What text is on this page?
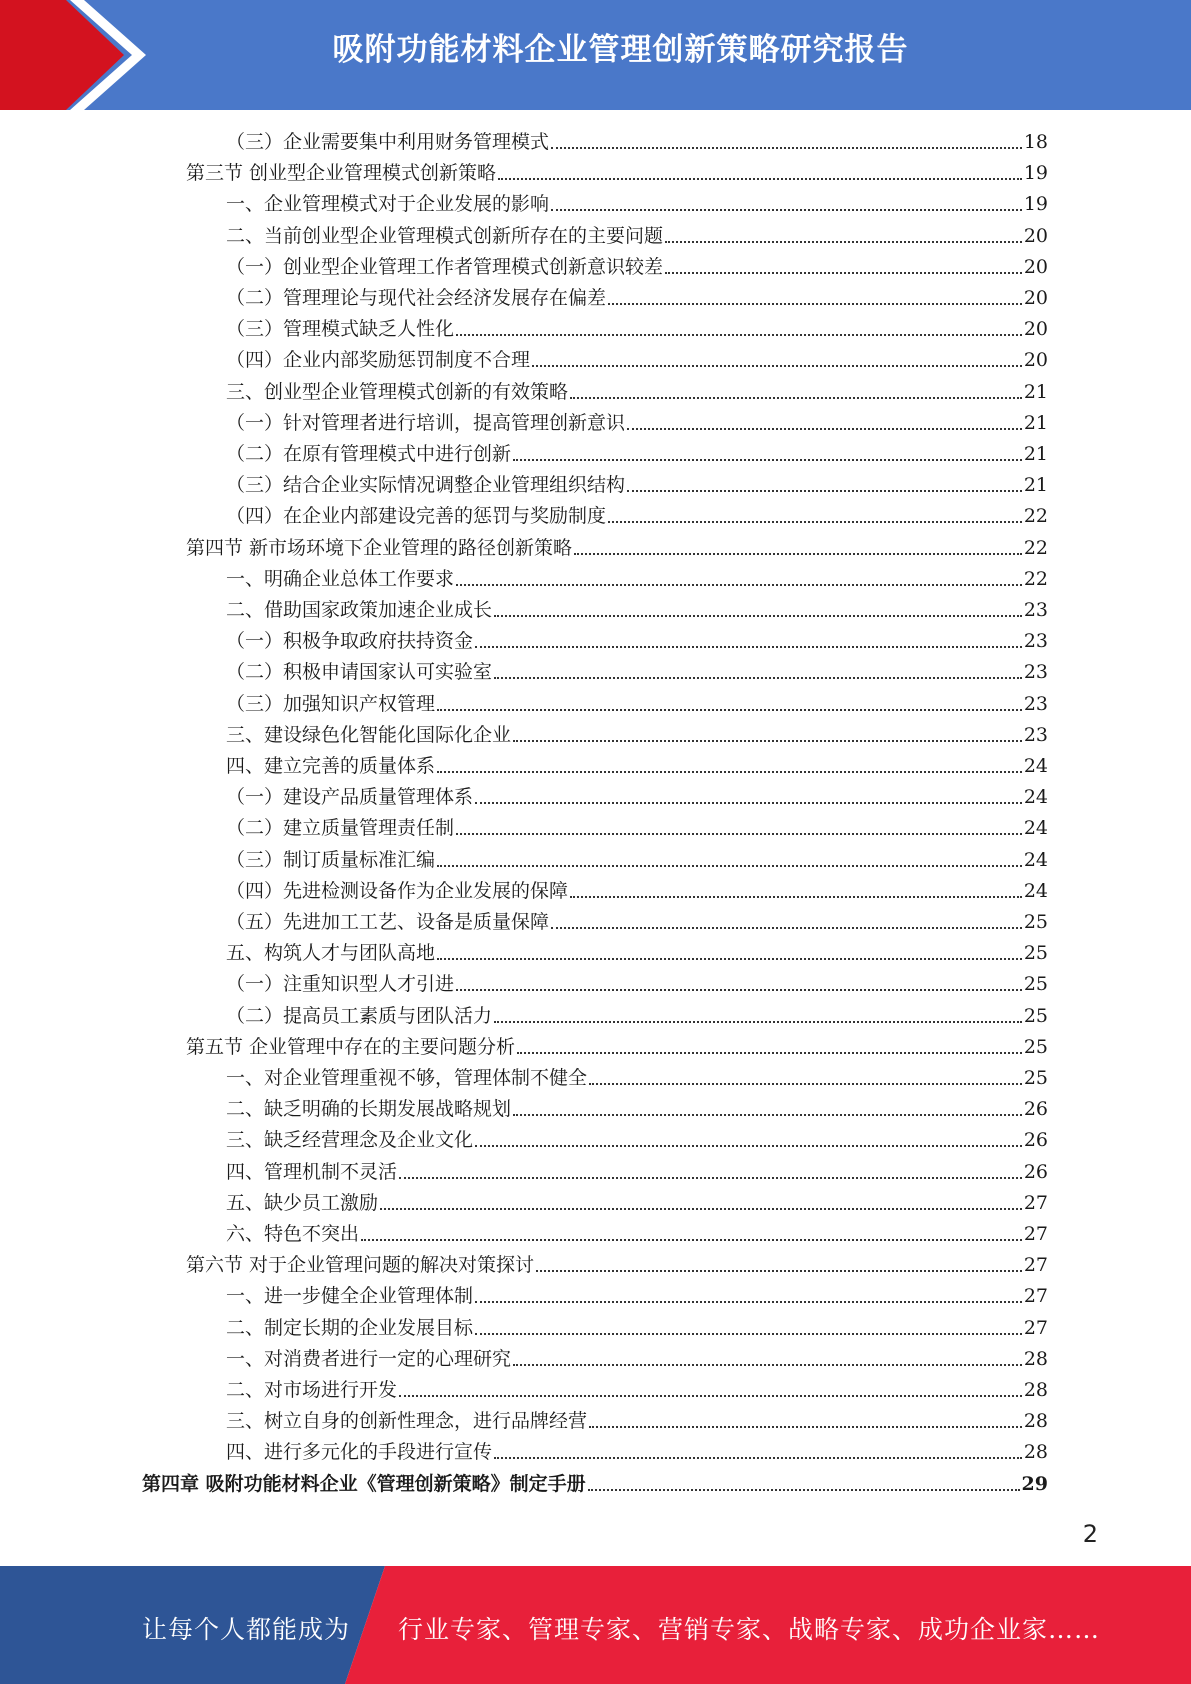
吸附功能材料企业管理创新策略研究报告
（三）企业需要集中利用财务管理模式	18
第三节 创业型企业管理模式创新策略	19
一、企业管理模式对于企业发展的影响	19
二、当前创业型企业管理模式创新所存在的主要问题	20
（一）创业型企业管理工作者管理模式创新意识较差	20
（二）管理理论与现代社会经济发展存在偏差	20
（三）管理模式缺乏人性化	20
（四）企业内部奖励惩罚制度不合理	20
三、创业型企业管理模式创新的有效策略	21
（一）针对管理者进行培训，提高管理创新意识	21
（二）在原有管理模式中进行创新	21
（三）结合企业实际情况调整企业管理组织结构	21
（四）在企业内部建设完善的惩罚与奖励制度	22
第四节 新市场环境下企业管理的路径创新策略	22
一、明确企业总体工作要求	22
二、借助国家政策加速企业成长	23
（一）积极争取政府扶持资金	23
（二）积极申请国家认可实验室	23
（三）加强知识产权管理	23
三、建设绿色化智能化国际化企业	23
四、建立完善的质量体系	24
（一）建设产品质量管理体系	24
（二）建立质量管理责任制	24
（三）制订质量标准汇编	24
（四）先进检测设备作为企业发展的保障	24
（五）先进加工工艺、设备是质量保障	25
五、构筑人才与团队高地	25
（一）注重知识型人才引进	25
（二）提高员工素质与团队活力	25
第五节 企业管理中存在的主要问题分析	25
一、对企业管理重视不够，管理体制不健全	25
二、缺乏明确的长期发展战略规划	26
三、缺乏经营理念及企业文化	26
四、管理机制不灵活	26
五、缺少员工激励	27
六、特色不突出	27
第六节 对于企业管理问题的解决对策探讨	27
一、进一步健全企业管理体制	27
二、制定长期的企业发展目标	27
一、对消费者进行一定的心理研究	28
二、对市场进行开发	28
三、树立自身的创新性理念，进行品牌经营	28
四、进行多元化的手段进行宣传	28
第四章 吸附功能材料企业《管理创新策略》制定手册	29
2
让每个人都能成为 行业专家、管理专家、营销专家、战略专家、成功企业家……
